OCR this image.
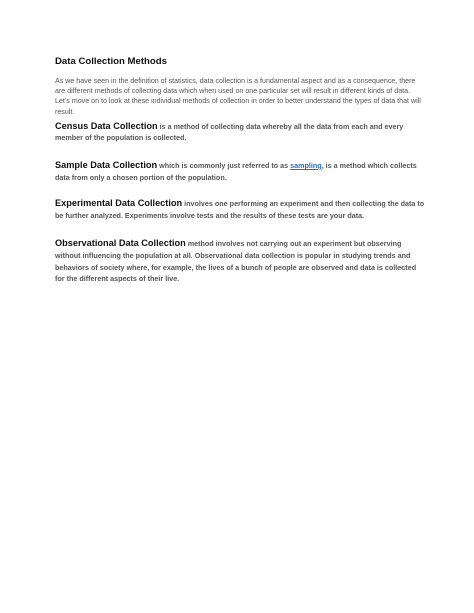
Data Collection Methods

As we have seen in the definition of statistics, data collection is a fundamental aspect and as a consequence, there are different methods of collecting data which when used on one particular set will result in different kinds of data. Let’s move on to look at these individual methods of collection in order to better understand the types of data that will result.

Census Data Collection is a method of collecting data whereby all the data from each and every member of the population is collected.

Sample Data Collection which is commonly just referred to as sampling, is a method which collects data from only a chosen portion of the population.

Experimental Data Collection involves one performing an experiment and then collecting the data to be further analyzed. Experiments involve tests and the results of these tests are your data.

Observational Data Collection method involves not carrying out an experiment but observing without influencing the population at all. Observational data collection is popular in studying trends and behaviors of society where, for example, the lives of a bunch of people are observed and data is collected for the different aspects of their live.
